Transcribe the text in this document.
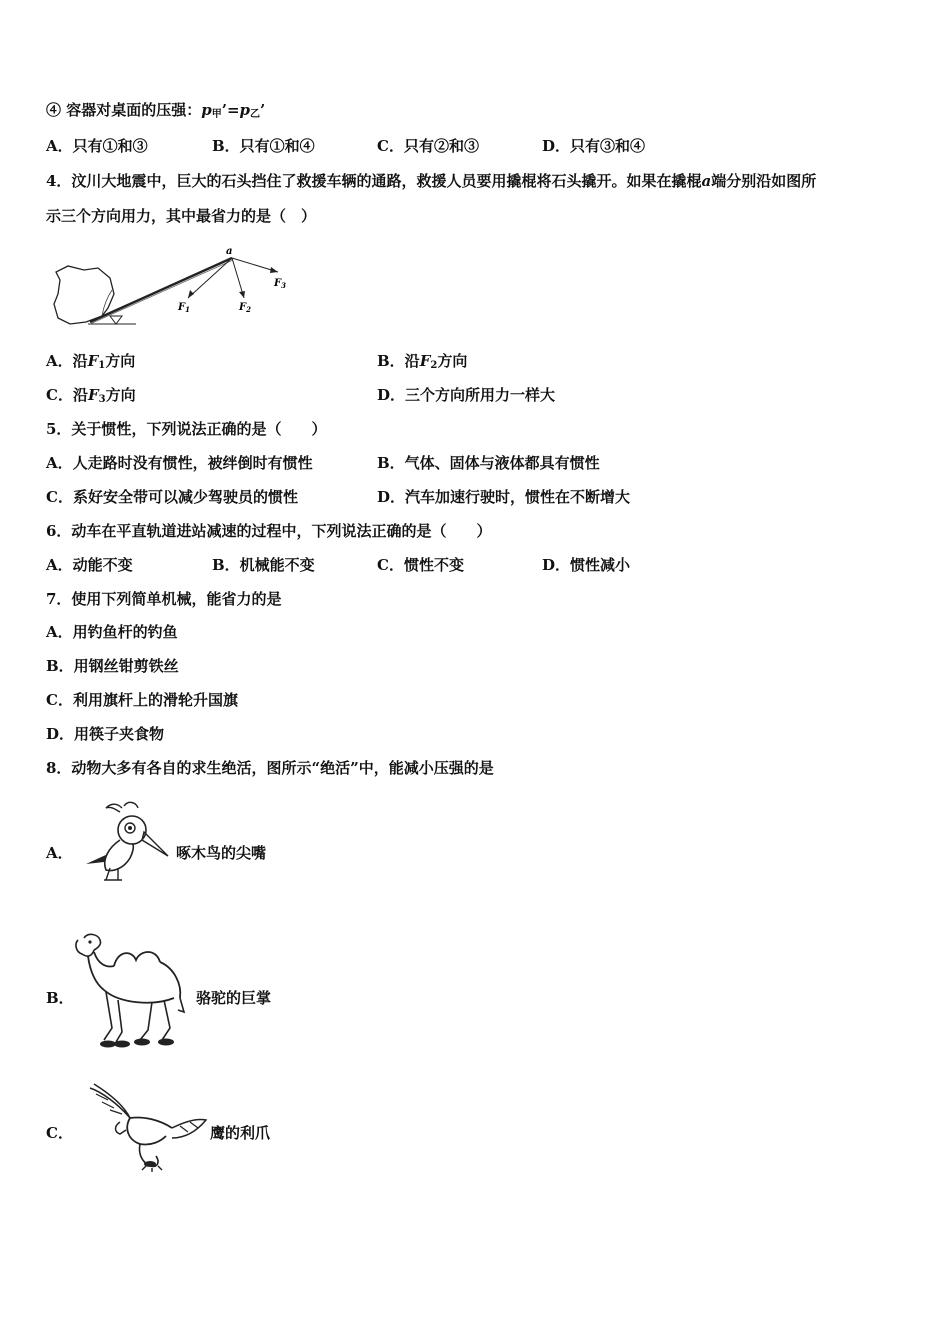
④ 容器对桌面的压强：$p_甲’=p_乙$’
A．只有①和③	B．只有①和④	C．只有②和③	D．只有③和④
4．汶川大地震中，巨大的石头挡住了救援车辆的通路，救援人员要用撬棍将石头撬开。如果在撬棍a端分别沿如图所
示三个方向用力，其中最省力的是（　）
a
$F_1$	$F_2$
$F_3$
A．沿$F_1$方向	B．沿$F_2$方向
C．沿$F_3$方向	D．三个方向所用力一样大
5．关于惯性，下列说法正确的是（　　）
A．人走路时没有惯性，被绊倒时有惯性	B．气体、固体与液体都具有惯性
C．系好安全带可以减少驾驶员的惯性	D．汽车加速行驶时，惯性在不断增大
6．动车在平直轨道进站减速的过程中，下列说法正确的是（　　）
A．动能不变	B．机械能不变	C．惯性不变	D．惯性减小
7．使用下列简单机械，能省力的是
A．用钓鱼杆的钓鱼
B．用钢丝钳剪铁丝
C．利用旗杆上的滑轮升国旗
D．用筷子夹食物
8．动物大多有各自的求生绝活，图所示“绝活”中，能减小压强的是
A．	啄木鸟的尖嘴
B．	骆驼的巨掌
C．	鹰的利爪
